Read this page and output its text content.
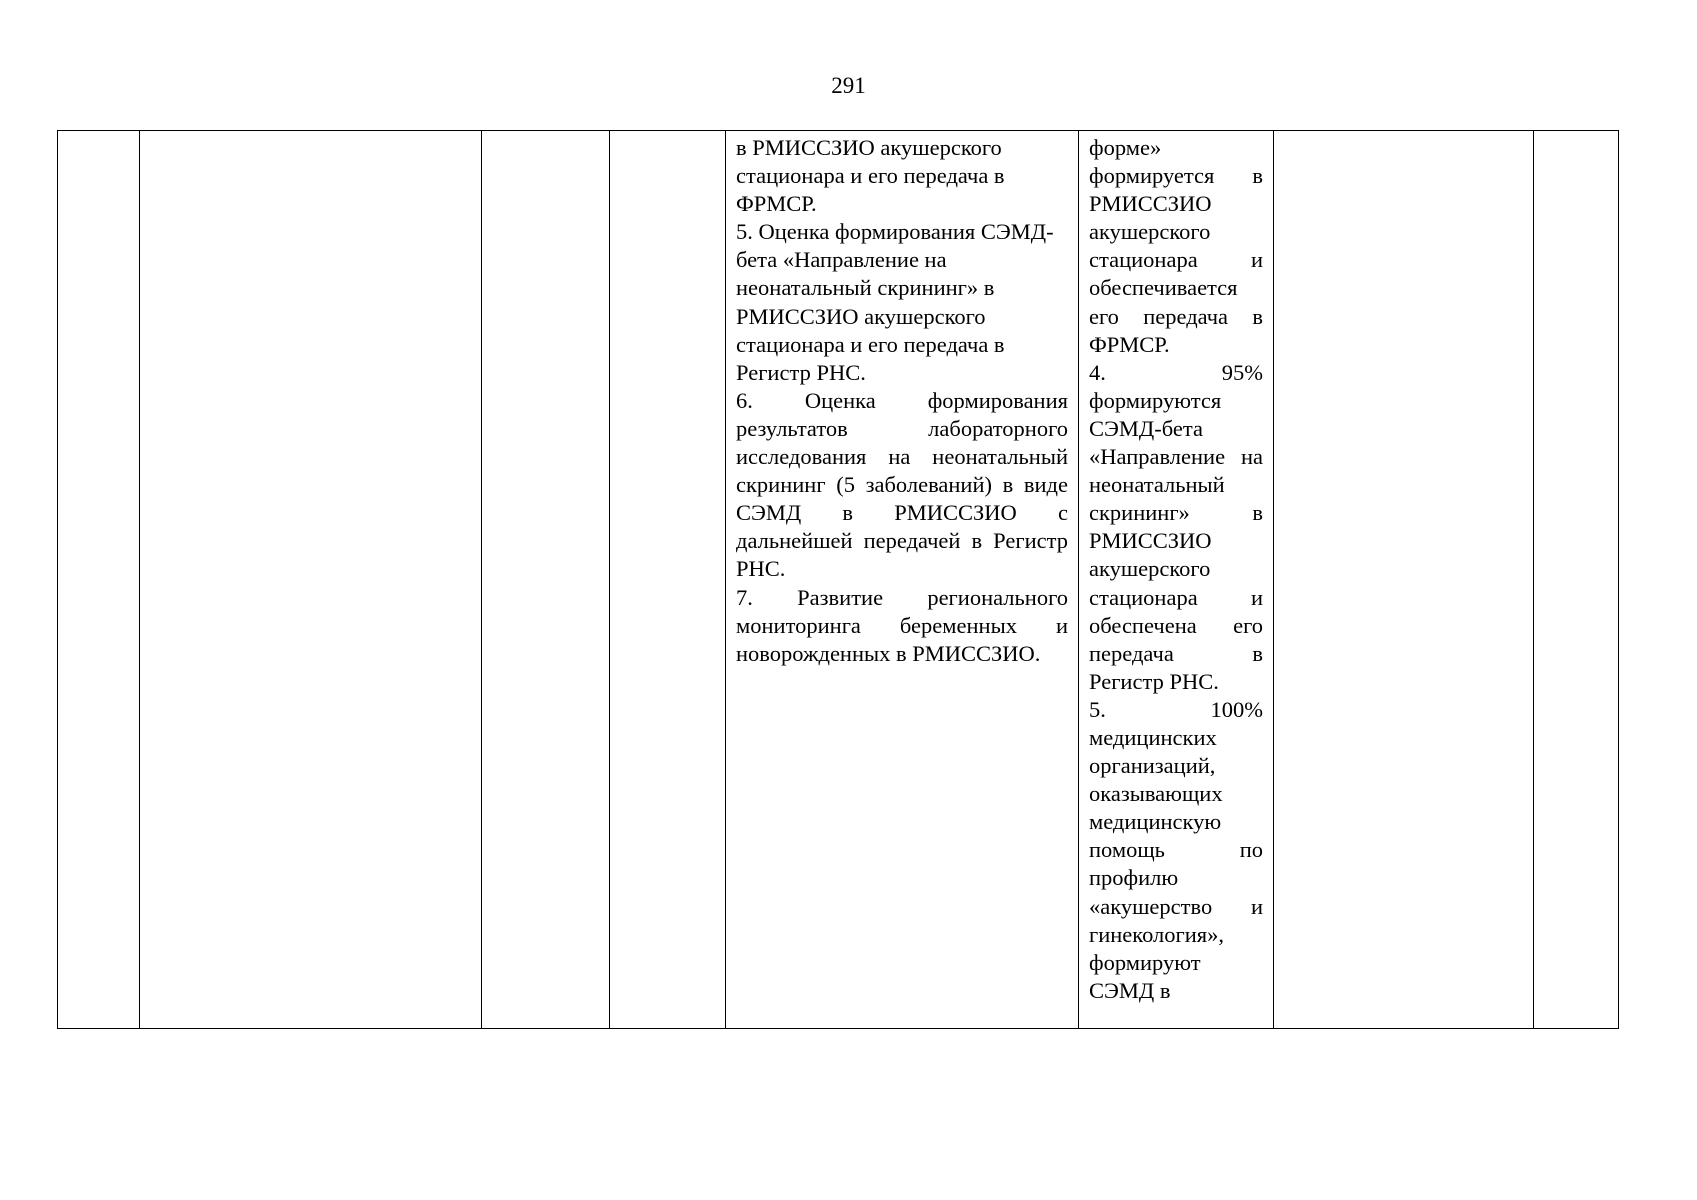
291

в РМИССЗИО акушерского стационара и его передача в ФРМСР.
5. Оценка формирования СЭМД-бета «Направление на неонатальный скрининг» в РМИССЗИО акушерского стационара и его передача в Регистр РНС.
6. Оценка формирования результатов лабораторного исследования на неонатальный скрининг (5 заболеваний) в виде СЭМД в РМИССЗИО с дальнейшей передачей в Регистр РНС.
7. Развитие регионального мониторинга беременных и новорожденных в РМИССЗИО.

форме» формируется в РМИССЗИО акушерского стационара и обеспечивается его передача в ФРМСР.
4. 95% формируются СЭМД-бета «Направление на неонатальный скрининг» в РМИССЗИО акушерского стационара и обеспечена его передача в Регистр РНС.
5. 100% медицинских организаций, оказывающих медицинскую помощь по профилю «акушерство и гинекология», формируют СЭМД в
